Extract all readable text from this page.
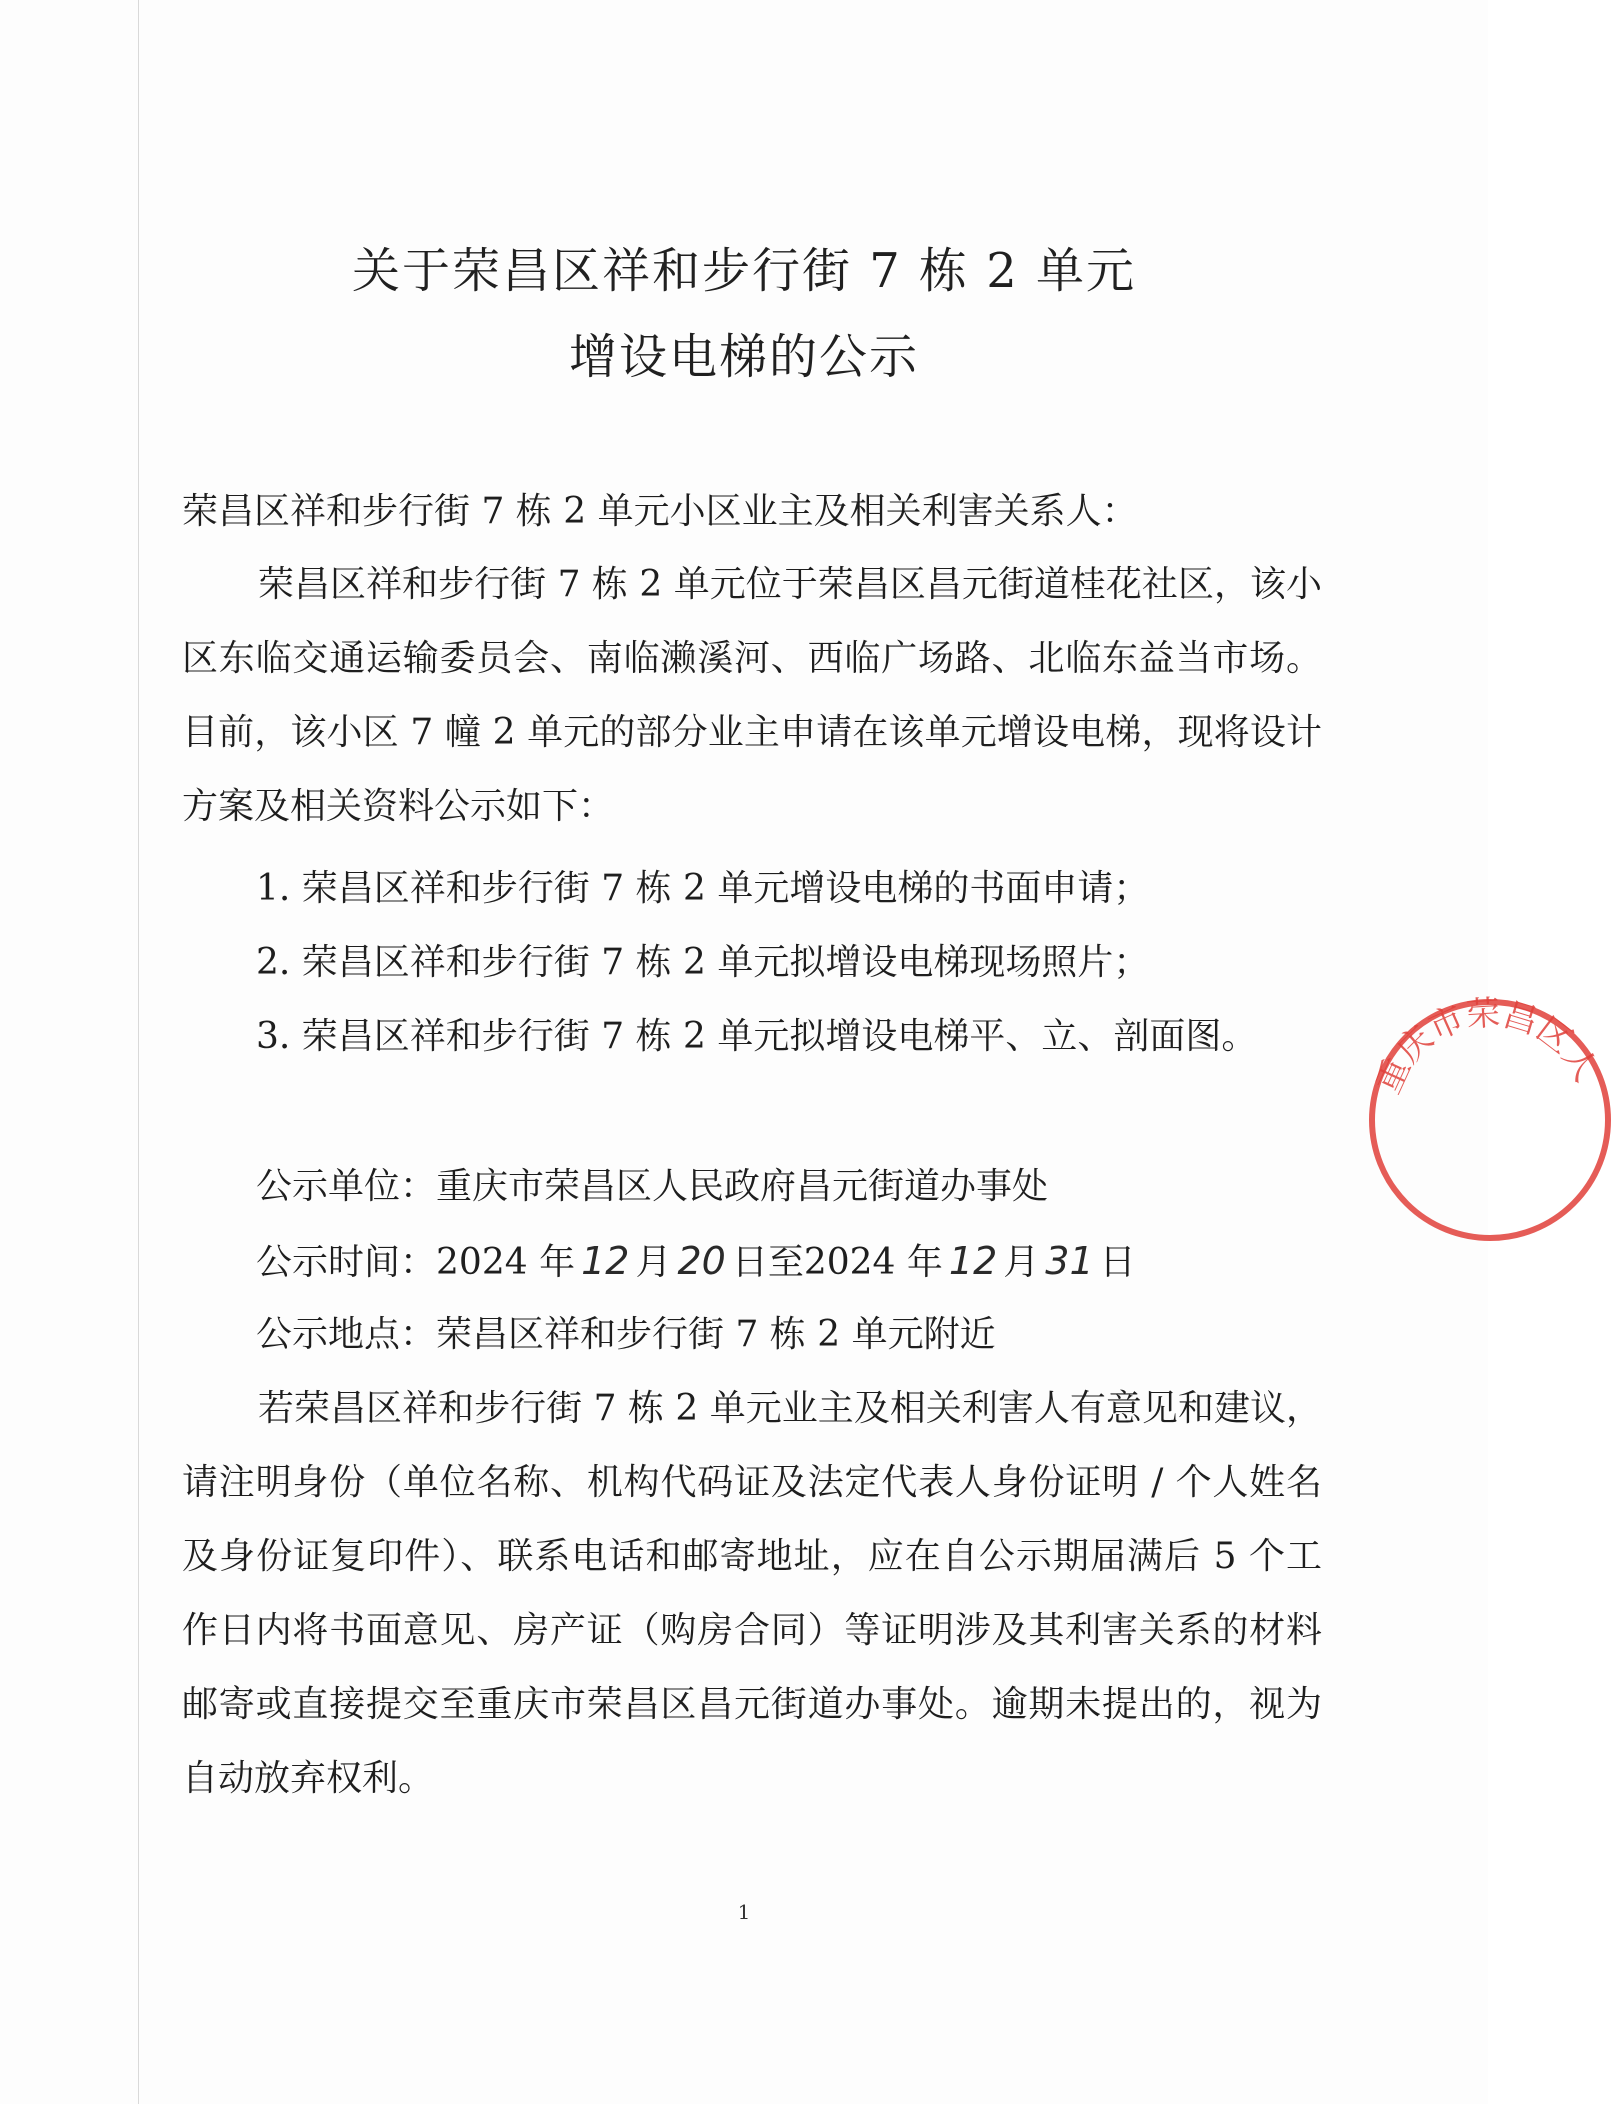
关于荣昌区祥和步行街 7 栋 2 单元
增设电梯的公示
荣昌区祥和步行街 7 栋 2 单元小区业主及相关利害关系人：
荣昌区祥和步行街 7 栋 2 单元位于荣昌区昌元街道桂花社区，该小区东临交通运输委员会、南临濑溪河、西临广场路、北临东益当市场。目前，该小区 7 幢 2 单元的部分业主申请在该单元增设电梯，现将设计方案及相关资料公示如下：
1. 荣昌区祥和步行街 7 栋 2 单元增设电梯的书面申请；
2. 荣昌区祥和步行街 7 栋 2 单元拟增设电梯现场照片；
3. 荣昌区祥和步行街 7 栋 2 单元拟增设电梯平、立、剖面图。
公示单位：重庆市荣昌区人民政府昌元街道办事处
公示时间：2024 年 12 月 20 日至2024 年 12 月 31 日
公示地点：荣昌区祥和步行街 7 栋 2 单元附近
若荣昌区祥和步行街 7 栋 2 单元业主及相关利害人有意见和建议，请注明身份（单位名称、机构代码证及法定代表人身份证明 / 个人姓名及身份证复印件）、联系电话和邮寄地址，应在自公示期届满后 5 个工作日内将书面意见、房产证（购房合同）等证明涉及其利害关系的材料邮寄或直接提交至重庆市荣昌区昌元街道办事处。逾期未提出的，视为自动放弃权利。
1
重庆市荣昌区人
